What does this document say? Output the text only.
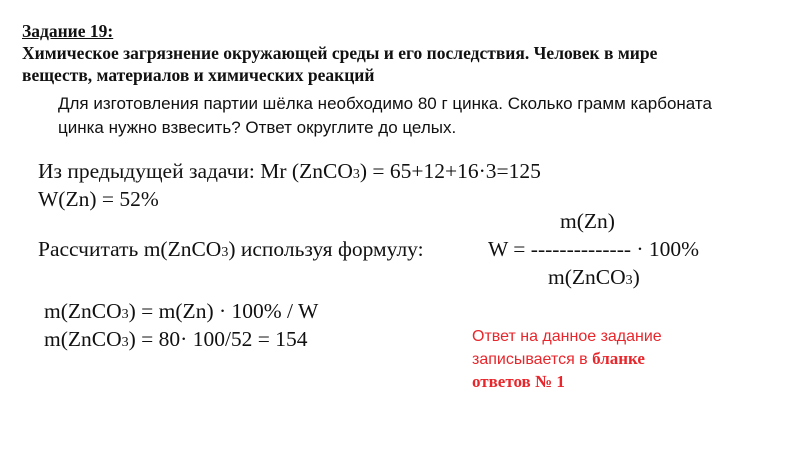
Задание 19:
Химическое загрязнение окружающей среды и его последствия. Человек в мире
веществ, материалов и химических реакций
Для изготовления партии шёлка необходимо 80 г цинка. Сколько грамм карбоната
цинка нужно взвесить? Ответ округлите до целых.
Из предыдущей задачи: Mr (ZnCO3) = 65+12+16·3=125
W(Zn) = 52%
m(Zn)
Рассчитать m(ZnCO3) используя формулу:	W = -------------- · 100%
m(ZnCO3)
m(ZnCO3) = m(Zn) · 100% / W
m(ZnCO3) = 80· 100/52 = 154	Ответ на данное задание
записывается в бланке
ответов № 1
